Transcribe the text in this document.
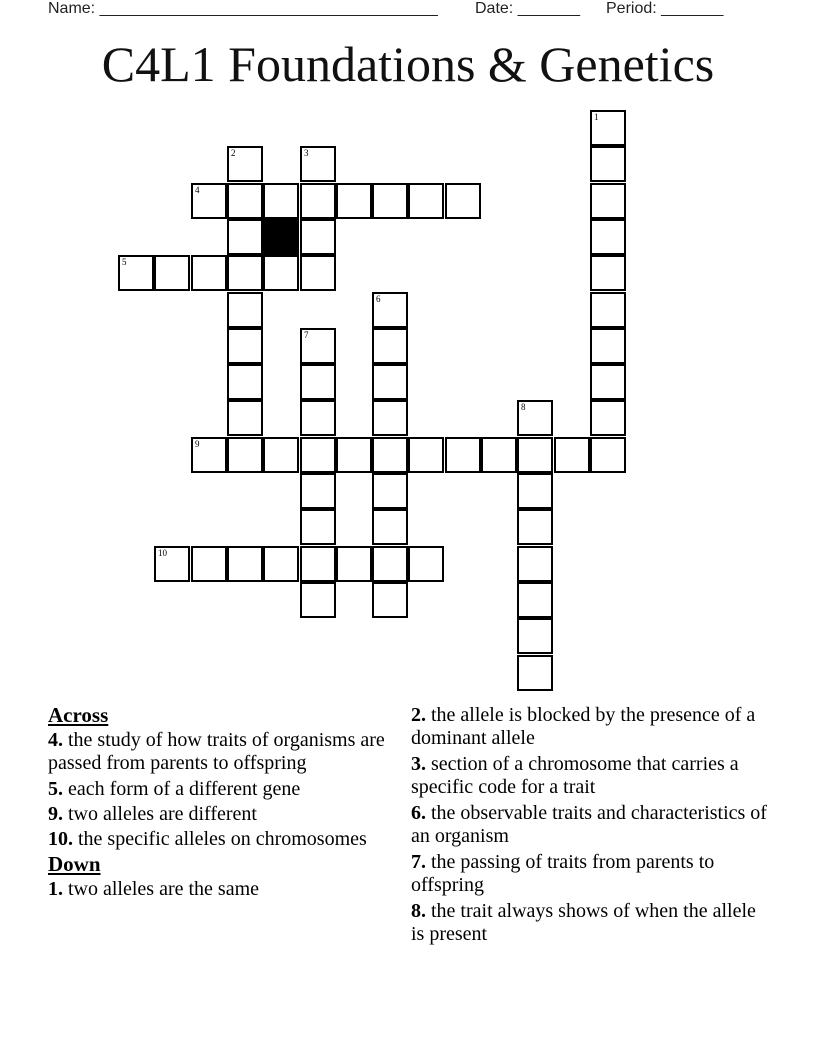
Name: ______________________________________ Date: _______ Period: _______
C4L1 Foundations & Genetics
1
2	3
4
5
6
7
8
9
10
Across
4. the study of how traits of organisms are passed from parents to offspring
5. each form of a different gene
9. two alleles are different
10. the specific alleles on chromosomes
Down
1. two alleles are the same
2. the allele is blocked by the presence of a dominant allele
3. section of a chromosome that carries a specific code for a trait
6. the observable traits and characteristics of an organism
7. the passing of traits from parents to offspring
8. the trait always shows of when the allele is present
